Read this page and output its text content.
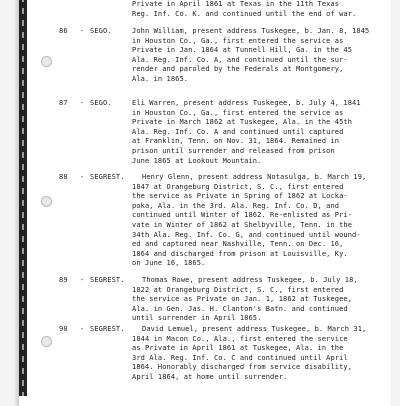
Private in April 1861 at Texas in the 11th Texas
Reg. Inf. Co. K. and continued until the end of war.
86	- SEGO.	John William, present address Tuskegee, b. Jan. 8, 1845
in Houston Co., Ga., first entered the service as
Private in Jan. 1864 at Tunnell Hill, Ga. in the 45
Ala. Reg. Inf. Co. A, and continued until the sur-
render and paroled by the Federals at Montgomery,
Ala. in 1865.
87	- SEGO.	Eli Warren, present address Tuskegee, b. July 4, 1841
in Houston Co., Ga., first entered the service as
Private in March 1862 at Tuskegee, Ala. in the 45th
Ala. Reg. Inf. Co. A and continued until captured
at Franklin, Tenn. on Nov. 31, 1864. Remained in
prison until surrender and released from prison
June 1865 at Lookout Mountain.
88	- SEGREST.	Henry Glenn, present address Notasulga, b. March 19,
1847 at Orangeburg District, S. C., first entered
the service as Private in Spring of 1862 at Locka-
poka, Ala. in the 3rd. Ala. Reg. Inf. Co. D, and
continued until Winter of 1862. Re-enlisted as Pri-
vate in Winter of 1862 at Shelbyville, Tenn. in the
34th Ala. Reg. Inf. Co. G, and continued until wound-
ed and captured near Nashville, Tenn. on Dec. 16,
1864 and discharged from prison at Louisville, Ky.
on June 16, 1865.
89	- SEGREST.	Thomas Rowe, present address Tuskegee, b. July 18,
1822 at Orangeburg District, S. C., first entered
the service as Private on Jan. 1, 1862 at Tuskegee,
Ala. in Gen. Jas. H. Clanton's Batn. and continued
until surrender in April 1865.
90	- SEGREST.	David Lemuel, present address Tuskegee, b. March 31,
1844 in Macon Co., Ala., first entered the service
as Private in April 1861 at Tuskegee, Ala. in the
3rd Ala. Reg. Inf. Co. C and continued until April
1864. Honorably discharged from service disability,
April 1864, at home until surrender.
